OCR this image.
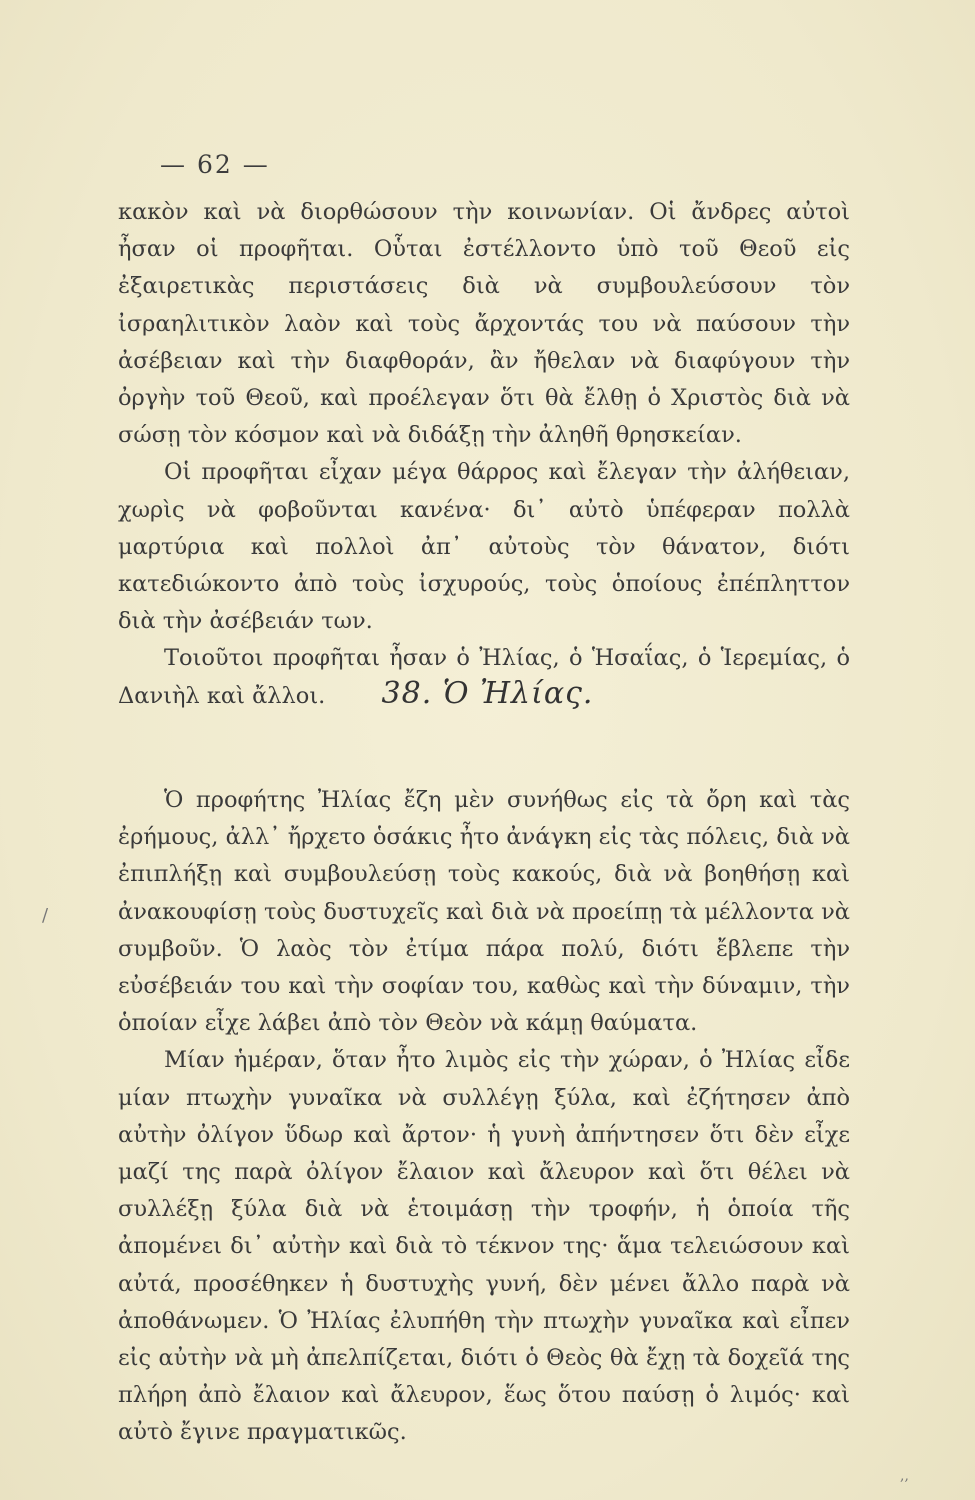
— 62 —

κακὸν καὶ νὰ διορθώσουν τὴν κοινωνίαν. Οἱ ἄνδρες αὐτοὶ ἦσαν οἱ προφῆται. Οὗται ἐστέλλοντο ὑπὸ τοῦ Θεοῦ εἰς ἐξαιρετικὰς περιστάσεις διὰ νὰ συμβουλεύσουν τὸν ἰσραηλιτικὸν λαὸν καὶ τοὺς ἄρχοντάς του νὰ παύσουν τὴν ἀσέβειαν καὶ τὴν διαφθοράν, ἂν ἤθελαν νὰ διαφύγουν τὴν ὀργὴν τοῦ Θεοῦ, καὶ προέλεγαν ὅτι θὰ ἔλθῃ ὁ Χριστὸς διὰ νὰ σώσῃ τὸν κόσμον καὶ νὰ διδάξῃ τὴν ἀληθῆ θρησκείαν.

Οἱ προφῆται εἶχαν μέγα θάρρος καὶ ἔλεγαν τὴν ἀλήθειαν, χωρὶς νὰ φοβοῦνται κανένα· δι᾿ αὐτὸ ὑπέφεραν πολλὰ μαρτύρια καὶ πολλοὶ ἀπ᾿ αὐτοὺς τὸν θάνατον, διότι κατεδιώκοντο ἀπὸ τοὺς ἰσχυρούς, τοὺς ὁποίους ἐπέπληττον διὰ τὴν ἀσέβειάν των.

Τοιοῦτοι προφῆται ἦσαν ὁ Ἠλίας, ὁ Ἡσαΐας, ὁ Ἱερεμίας, ὁ Δανιὴλ καὶ ἄλλοι.	38. Ὁ Ἠλίας.

Ὁ προφήτης Ἠλίας ἔζη μὲν συνήθως εἰς τὰ ὄρη καὶ τὰς ἐρήμους, ἀλλ᾿ ἤρχετο ὁσάκις ἦτο ἀνάγκη εἰς τὰς πόλεις, διὰ νὰ ἐπιπλήξῃ καὶ συμβουλεύσῃ τοὺς κακούς, διὰ νὰ βοηθήσῃ καὶ ἀνακουφίσῃ τοὺς δυστυχεῖς καὶ διὰ νὰ προείπῃ τὰ μέλλοντα νὰ συμβοῦν. Ὁ λαὸς τὸν ἐτίμα πάρα πολύ, διότι ἔβλεπε τὴν εὐσέβειάν του καὶ τὴν σοφίαν του, καθὼς καὶ τὴν δύναμιν, τὴν ὁποίαν εἶχε λάβει ἀπὸ τὸν Θεὸν νὰ κάμῃ θαύματα.

Μίαν ἡμέραν, ὅταν ἦτο λιμὸς εἰς τὴν χώραν, ὁ Ἠλίας εἶδε μίαν πτωχὴν γυναῖκα νὰ συλλέγῃ ξύλα, καὶ ἐζήτησεν ἀπὸ αὐτὴν ὀλίγον ὕδωρ καὶ ἄρτον· ἡ γυνὴ ἀπήντησεν ὅτι δὲν εἶχε μαζί της παρὰ ὀλίγον ἔλαιον καὶ ἄλευρον καὶ ὅτι θέλει νὰ συλλέξῃ ξύλα διὰ νὰ ἑτοιμάσῃ τὴν τροφήν, ἡ ὁποία τῆς ἀπομένει δι᾿ αὐτὴν καὶ διὰ τὸ τέκνον της· ἅμα τελειώσουν καὶ αὐτά, προσέθηκεν ἡ δυστυχὴς γυνή, δὲν μένει ἄλλο παρὰ νὰ ἀποθάνωμεν. Ὁ Ἠλίας ἐλυπήθη τὴν πτωχὴν γυναῖκα καὶ εἶπεν εἰς αὐτὴν νὰ μὴ ἀπελπίζεται, διότι ὁ Θεὸς θὰ ἔχῃ τὰ δοχεῖά της πλήρη ἀπὸ ἔλαιον καὶ ἄλευρον, ἕως ὅτου παύσῃ ὁ λιμός· καὶ αὐτὸ ἔγινε πραγματικῶς.

/
,,
